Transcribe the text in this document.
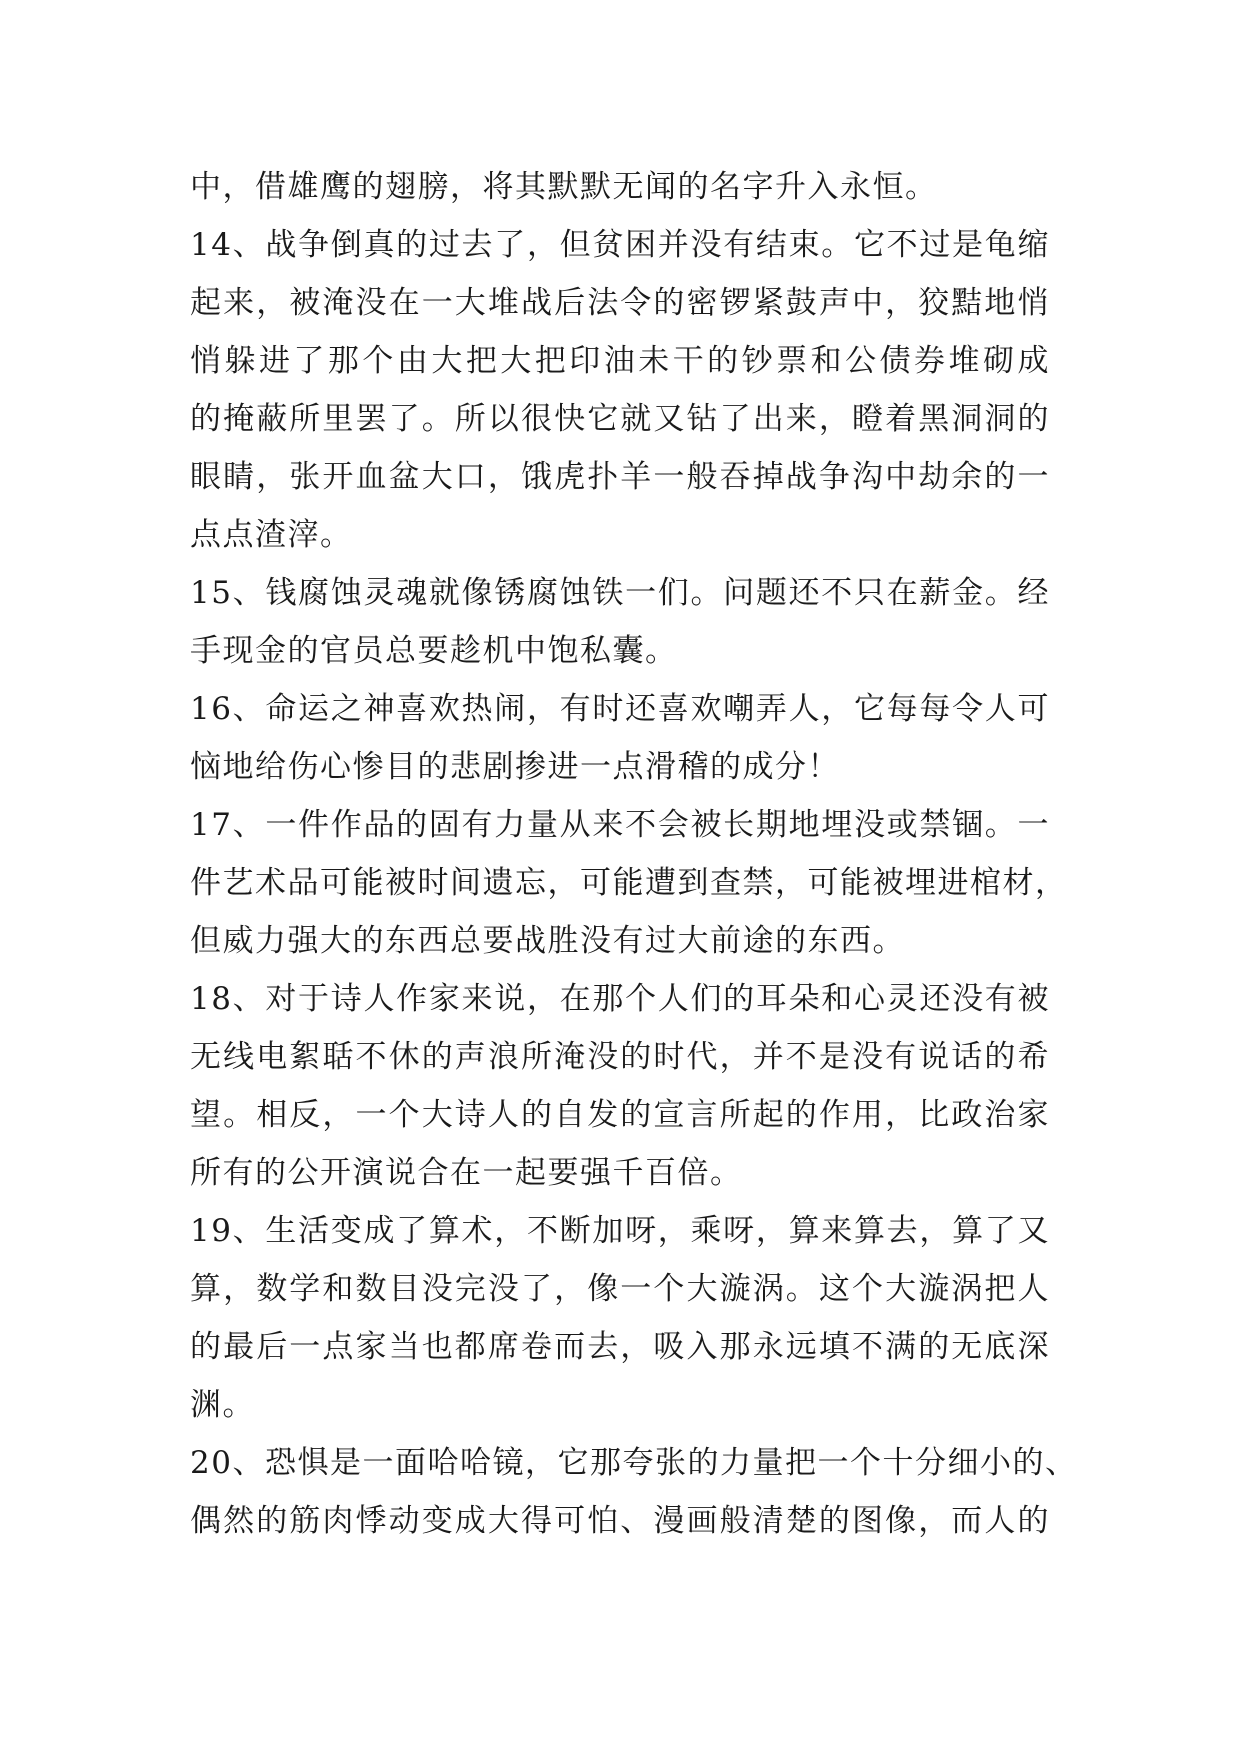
中，借雄鹰的翅膀，将其默默无闻的名字升入永恒。
14、战争倒真的过去了，但贫困并没有结束。它不过是龟缩
起来，被淹没在一大堆战后法令的密锣紧鼓声中，狡黠地悄
悄躲进了那个由大把大把印油未干的钞票和公债券堆砌成
的掩蔽所里罢了。所以很快它就又钻了出来，瞪着黑洞洞的
眼睛，张开血盆大口，饿虎扑羊一般吞掉战争沟中劫余的一
点点渣滓。
15、钱腐蚀灵魂就像锈腐蚀铁一们。问题还不只在薪金。经
手现金的官员总要趁机中饱私囊。
16、命运之神喜欢热闹，有时还喜欢嘲弄人，它每每令人可
恼地给伤心惨目的悲剧掺进一点滑稽的成分！
17、一件作品的固有力量从来不会被长期地埋没或禁锢。一
件艺术品可能被时间遗忘，可能遭到查禁，可能被埋进棺材，
但威力强大的东西总要战胜没有过大前途的东西。
18、对于诗人作家来说，在那个人们的耳朵和心灵还没有被
无线电絮聒不休的声浪所淹没的时代，并不是没有说话的希
望。相反，一个大诗人的自发的宣言所起的作用，比政治家
所有的公开演说合在一起要强千百倍。
19、生活变成了算术，不断加呀，乘呀，算来算去，算了又
算，数学和数目没完没了，像一个大漩涡。这个大漩涡把人
的最后一点家当也都席卷而去，吸入那永远填不满的无底深
渊。
20、恐惧是一面哈哈镜，它那夸张的力量把一个十分细小的、
偶然的筋肉悸动变成大得可怕、漫画般清楚的图像，而人的
